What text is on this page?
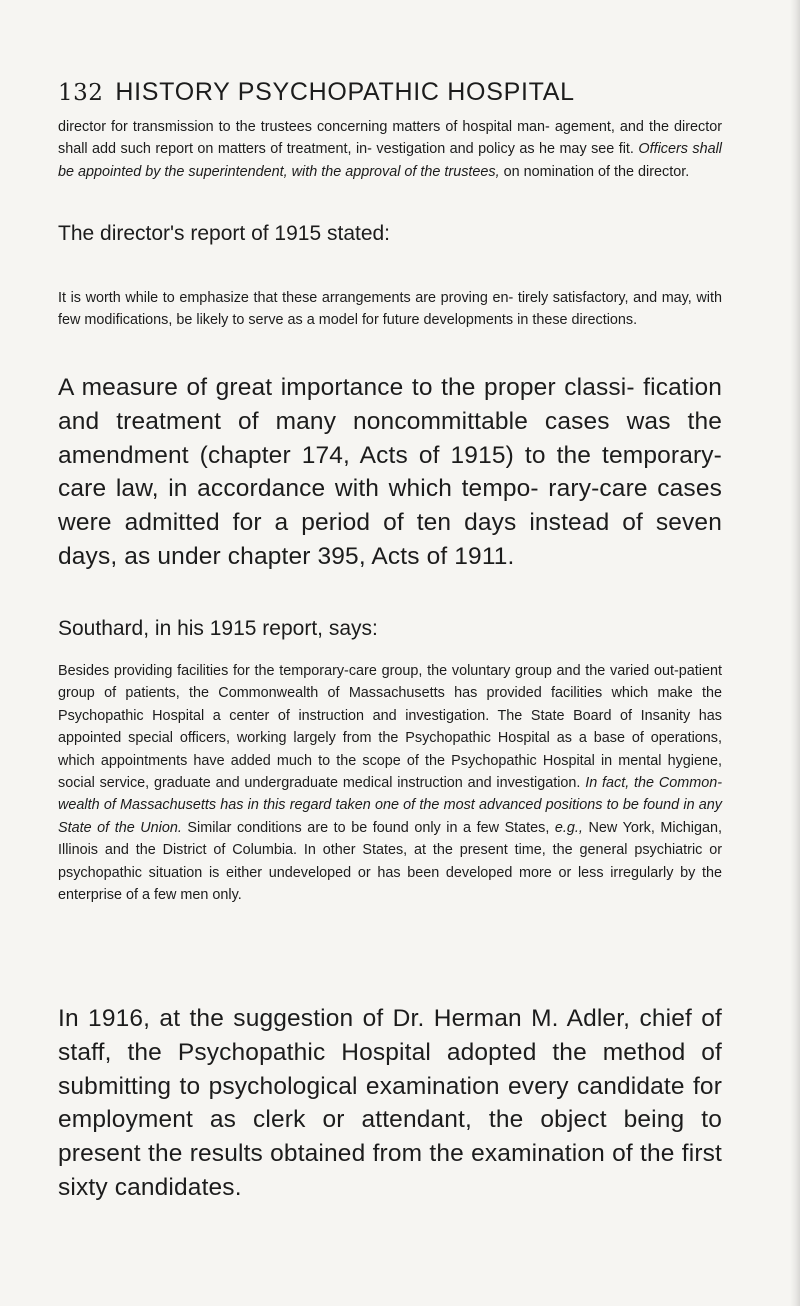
132 HISTORY PSYCHOPATHIC HOSPITAL

director for transmission to the trustees concerning matters of hospital man- agement, and the director shall add such report on matters of treatment, in- vestigation and policy as he may see fit. Officers shall be appointed by the superintendent, with the approval of the trustees, on nomination of the director.

The director's report of 1915 stated:

It is worth while to emphasize that these arrangements are proving en- tirely satisfactory, and may, with few modifications, be likely to serve as a model for future developments in these directions.

A measure of great importance to the proper classi- fication and treatment of many noncommittable cases was the amendment (chapter 174, Acts of 1915) to the temporary-care law, in accordance with which tempo- rary-care cases were admitted for a period of ten days instead of seven days, as under chapter 395, Acts of 1911.

Southard, in his 1915 report, says:

Besides providing facilities for the temporary-care group, the voluntary group and the varied out-patient group of patients, the Commonwealth of Massachusetts has provided facilities which make the Psychopathic Hospital a center of instruction and investigation. The State Board of Insanity has appointed special officers, working largely from the Psychopathic Hospital as a base of operations, which appointments have added much to the scope of the Psychopathic Hospital in mental hygiene, social service, graduate and undergraduate medical instruction and investigation. In fact, the Common- wealth of Massachusetts has in this regard taken one of the most advanced positions to be found in any State of the Union. Similar conditions are to be found only in a few States, e.g., New York, Michigan, Illinois and the District of Columbia. In other States, at the present time, the general psychiatric or psychopathic situation is either undeveloped or has been developed more or less irregularly by the enterprise of a few men only.

In 1916, at the suggestion of Dr. Herman M. Adler, chief of staff, the Psychopathic Hospital adopted the method of submitting to psychological examination every candidate for employment as clerk or attendant, the object being to present the results obtained from the examination of the first sixty candidates.
